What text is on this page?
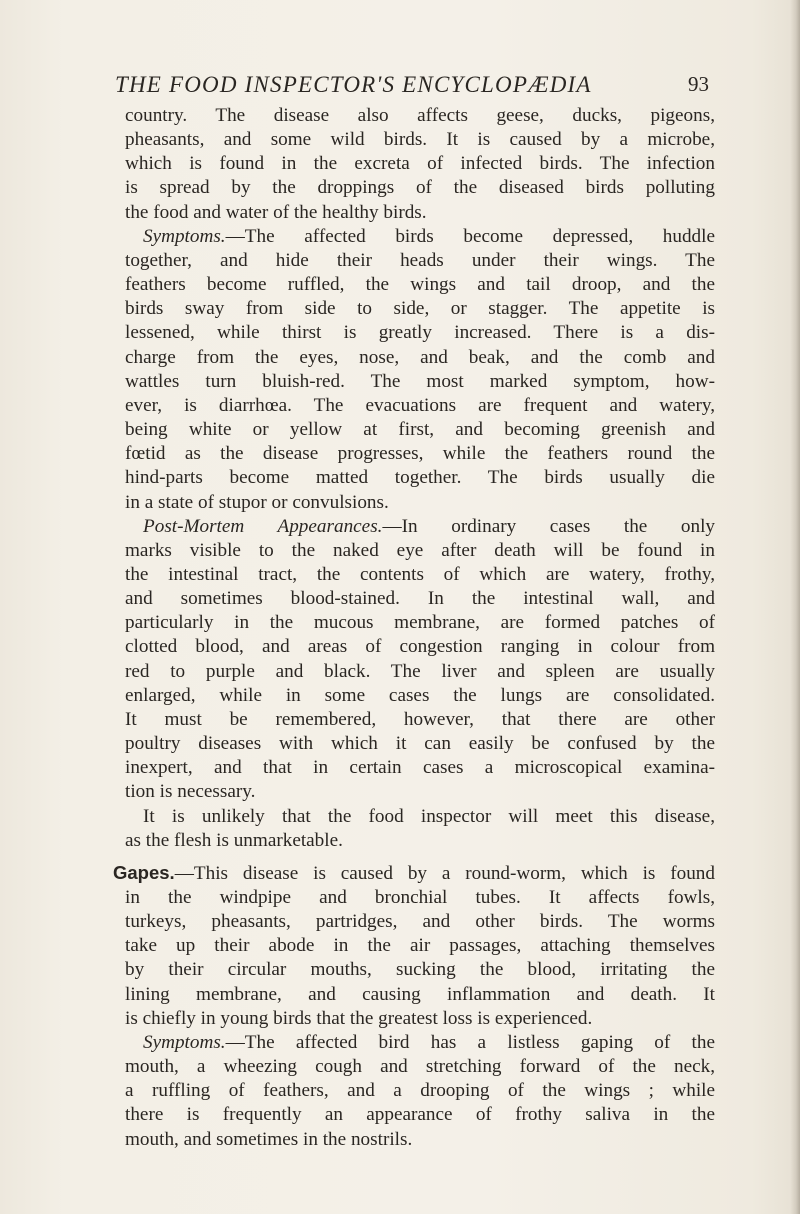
THE FOOD INSPECTOR'S ENCYCLOPÆDIA	93
country. The disease also affects geese, ducks, pigeons,
pheasants, and some wild birds. It is caused by a microbe,
which is found in the excreta of infected birds. The infection
is spread by the droppings of the diseased birds polluting
the food and water of the healthy birds.
Symptoms.—The affected birds become depressed, huddle
together, and hide their heads under their wings. The
feathers become ruffled, the wings and tail droop, and the
birds sway from side to side, or stagger. The appetite is
lessened, while thirst is greatly increased. There is a dis-
charge from the eyes, nose, and beak, and the comb and
wattles turn bluish-red. The most marked symptom, how-
ever, is diarrhœa. The evacuations are frequent and watery,
being white or yellow at first, and becoming greenish and
fœtid as the disease progresses, while the feathers round the
hind-parts become matted together. The birds usually die
in a state of stupor or convulsions.
Post-Mortem Appearances.—In ordinary cases the only
marks visible to the naked eye after death will be found in
the intestinal tract, the contents of which are watery, frothy,
and sometimes blood-stained. In the intestinal wall, and
particularly in the mucous membrane, are formed patches of
clotted blood, and areas of congestion ranging in colour from
red to purple and black. The liver and spleen are usually
enlarged, while in some cases the lungs are consolidated.
It must be remembered, however, that there are other
poultry diseases with which it can easily be confused by the
inexpert, and that in certain cases a microscopical examina-
tion is necessary.
It is unlikely that the food inspector will meet this disease,
as the flesh is unmarketable.
Gapes.—This disease is caused by a round-worm, which is found
in the windpipe and bronchial tubes. It affects fowls,
turkeys, pheasants, partridges, and other birds. The worms
take up their abode in the air passages, attaching themselves
by their circular mouths, sucking the blood, irritating the
lining membrane, and causing inflammation and death. It
is chiefly in young birds that the greatest loss is experienced.
Symptoms.—The affected bird has a listless gaping of the
mouth, a wheezing cough and stretching forward of the neck,
a ruffling of feathers, and a drooping of the wings ; while
there is frequently an appearance of frothy saliva in the
mouth, and sometimes in the nostrils.
